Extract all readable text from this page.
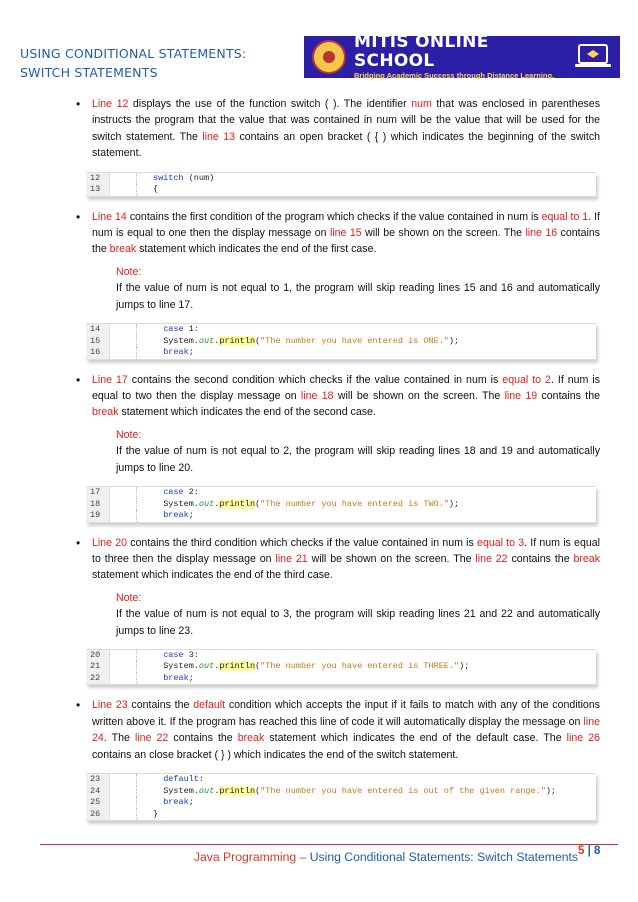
USING CONDITIONAL STATEMENTS:
SWITCH STATEMENTS
MITIS ONLINE SCHOOL
Bridging Academic Success through Distance Learning.

• Line 12 displays the use of the function switch ( ). The identifier num that was enclosed in parentheses instructs the program that the value that was contained in num will be the value that will be used for the switch statement. The line 13 contains an open bracket ( { ) which indicates the beginning of the switch statement.

12	switch (num)
13	{

• Line 14 contains the first condition of the program which checks if the value contained in num is equal to 1. If num is equal to one then the display message on line 15 will be shown on the screen. The line 16 contains the break statement which indicates the end of the first case.

Note:
If the value of num is not equal to 1, the program will skip reading lines 15 and 16 and automatically jumps to line 17.
14	case 1:
15	System.out.println("The number you have entered is ONE.");
16	break;

• Line 17 contains the second condition which checks if the value contained in num is equal to 2. If num is equal to two then the display message on line 18 will be shown on the screen. The line 19 contains the break statement which indicates the end of the second case.

Note:
If the value of num is not equal to 2, the program will skip reading lines 18 and 19 and automatically jumps to line 20.
17	case 2:
18	System.out.println("The number you have entered is TWO.");
19	break;

• Line 20 contains the third condition which checks if the value contained in num is equal to 3. If num is equal to three then the display message on line 21 will be shown on the screen. The line 22 contains the break statement which indicates the end of the third case.

Note:
If the value of num is not equal to 3, the program will skip reading lines 21 and 22 and automatically jumps to line 23.
20	case 3:
21	System.out.println("The number you have entered is THREE.");
22	break;

• Line 23 contains the default condition which accepts the input if it fails to match with any of the conditions written above it. If the program has reached this line of code it will automatically display the message on line 24. The line 22 contains the break statement which indicates the end of the default case. The line 26 contains an close bracket ( } ) which indicates the end of the switch statement.

23	default:
24	System.out.println("The number you have entered is out of the given range.");
25	break;
26	}
Java Programming – Using Conditional Statements: Switch Statements 5 | 8
